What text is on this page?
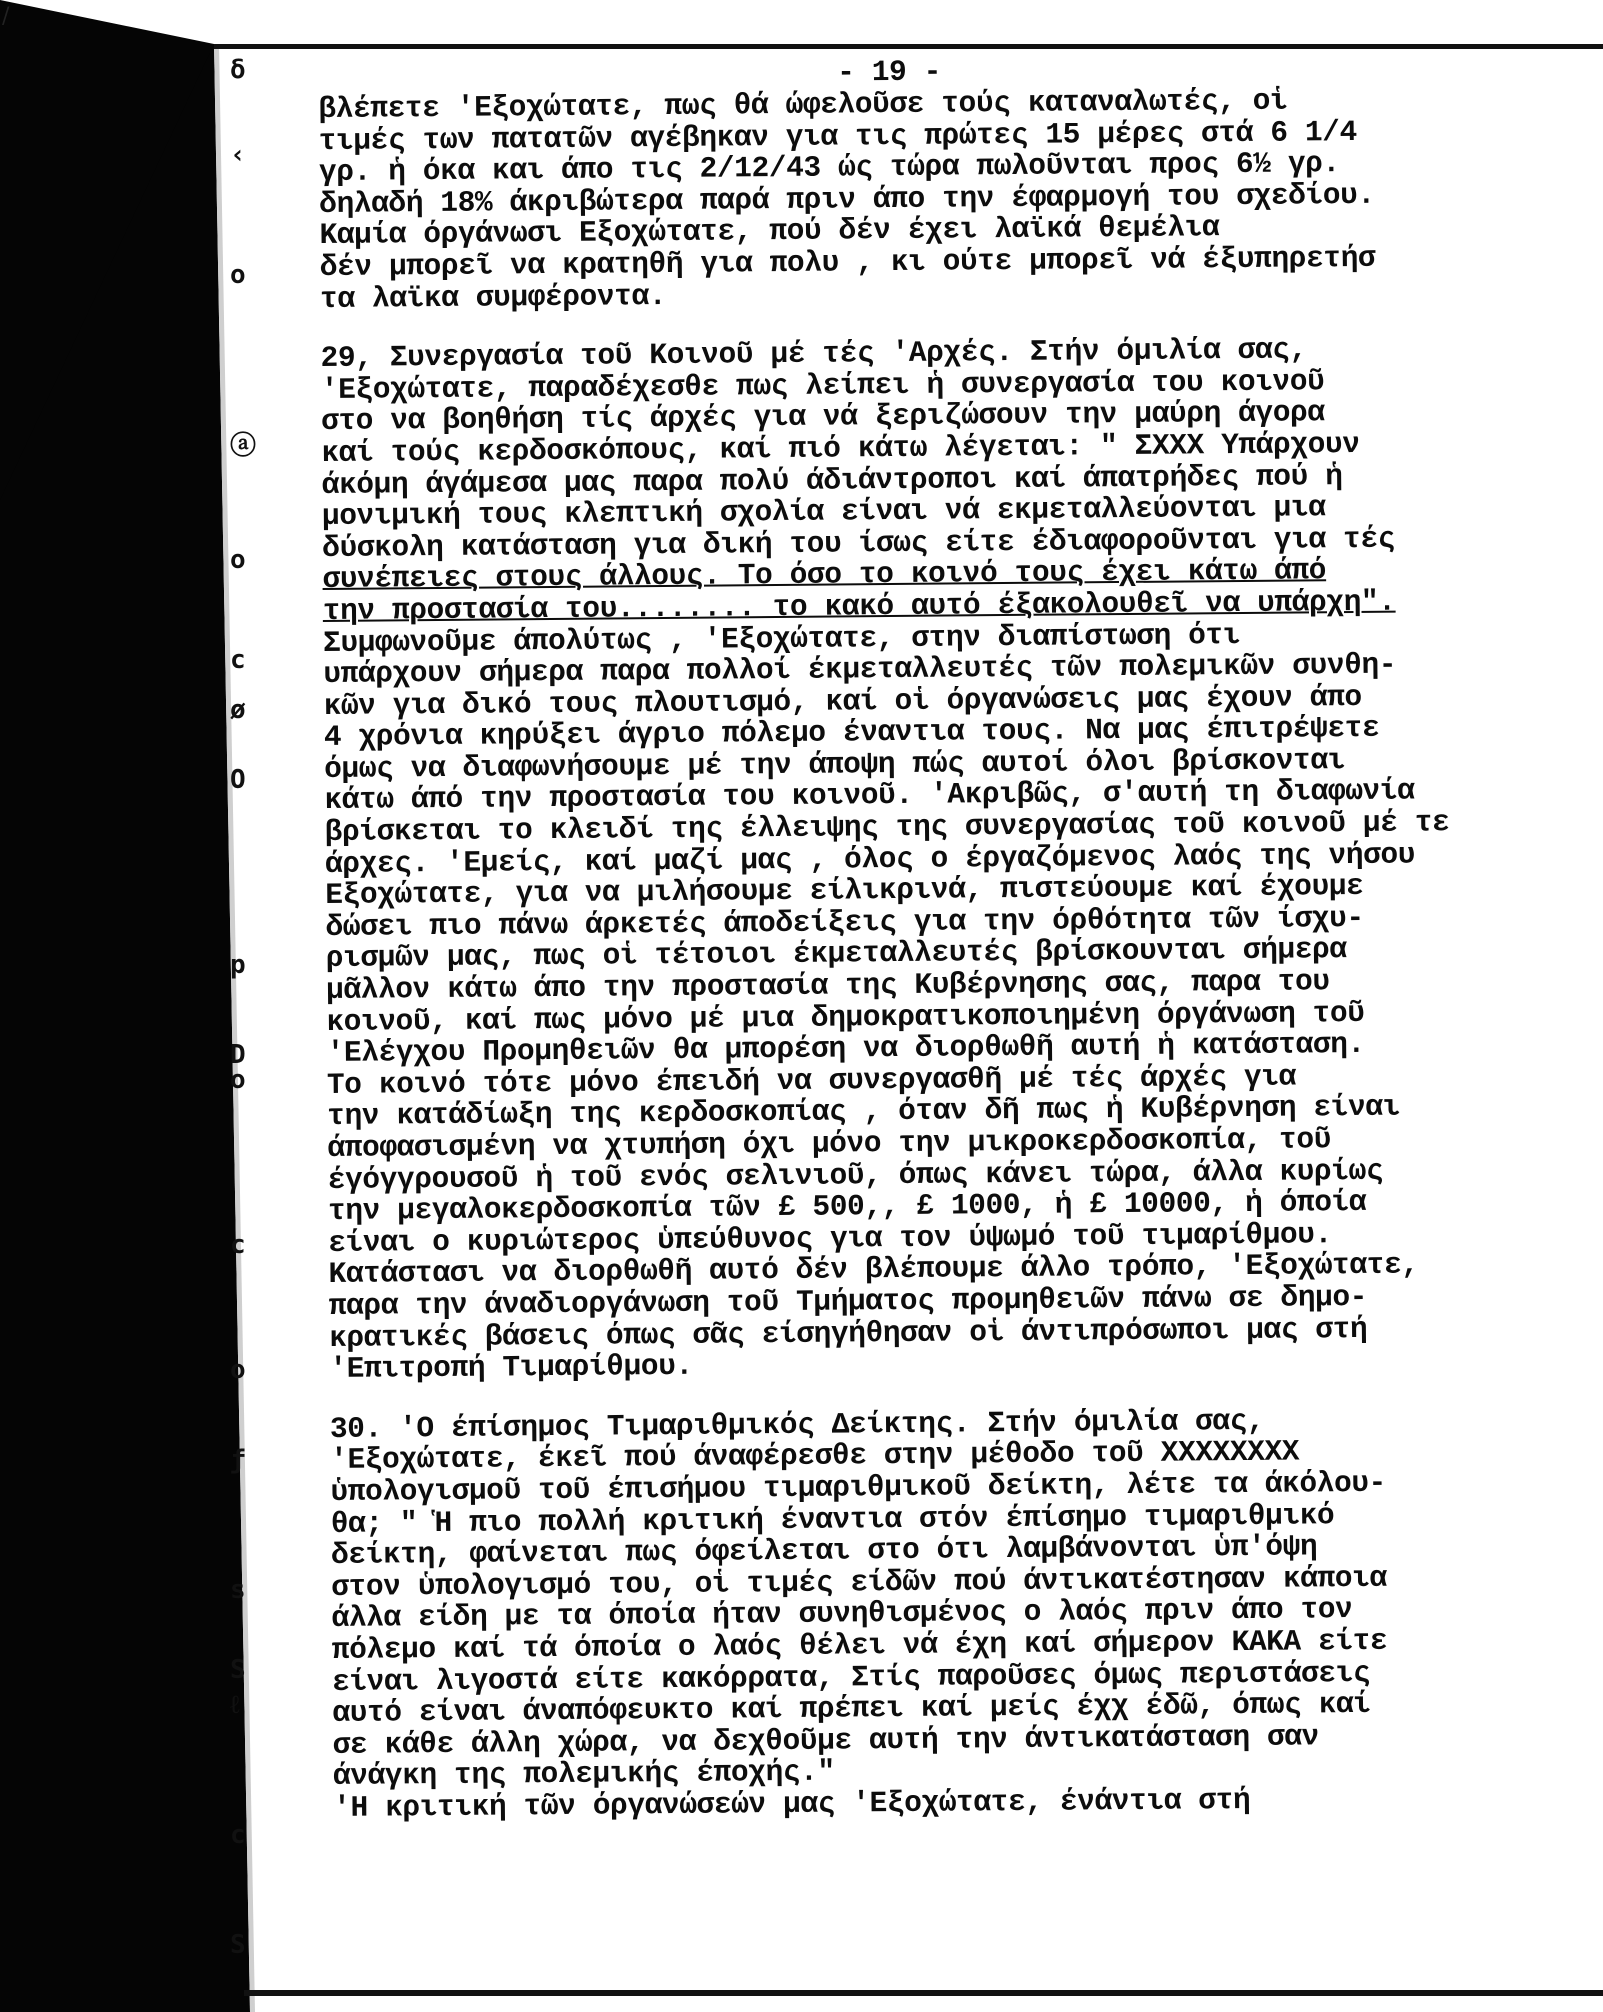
/
δ
‹
o
ⓐ
o
c
ø
O
p
D
o
c
o
ƒ
s
S
ℓ
c
S
- 19 -
βλέπετε 'Εξοχώτατε, πως θά ώφελοῦσε τούς καταναλωτές, οἱ
τιμές των πατατῶν αγέβηκαν για τις πρώτες 15 μέρες στά 6 1/4
γρ. ἡ όκα και άπο τις 2/12/43 ώς τώρα πωλοῦνται προς 6½ γρ.
δηλαδή 18% άκριβώτερα παρά πριν άπο την έφαρμογή του σχεδίου.
Καμία όργάνωσι Εξοχώτατε, πού δέν έχει λαϊκά θεμέλια
δέν μπορεῖ να κρατηθῆ για πολυ , κι ούτε μπορεῖ νά έξυπηρετήσ
τα λαϊκα συμφέροντα.
29, Συνεργασία τοῦ Κοινοῦ μέ τές 'Αρχές. Στήν όμιλία σας,
'Εξοχώτατε, παραδέχεσθε πως λείπει ἡ συνεργασία του κοινοῦ
στο να βοηθήση τίς άρχές για νά ξεριζώσουν την μαύρη άγορα
καί τούς κερδοσκόπους, καί πιό κάτω λέγεται: " ΣΧΧΧ Υπάρχουν
άκόμη άγάμεσα μας παρα πολύ άδιάντροποι καί άπατρήδες πού ἡ
μονιμική τους κλεπτική σχολία είναι νά εκμεταλλεύονται μια
δύσκολη κατάσταση για δική του ίσως είτε έδιαφοροῦνται για τές
συνέπειες στους άλλους. Το όσο το κοινό τους έχει κάτω άπό
την προστασία του........ το κακό αυτό έξακολουθεῖ να υπάρχη".
Συμφωνοῦμε άπολύτως , 'Εξοχώτατε, στην διαπίστωση ότι
υπάρχουν σήμερα παρα πολλοί έκμεταλλευτές τῶν πολεμικῶν συνθη-
κῶν για δικό τους πλουτισμό, καί οἱ όργανώσεις μας έχουν άπο
4 χρόνια κηρύξει άγριο πόλεμο έναντια τους. Να μας έπιτρέψετε
όμως να διαφωνήσουμε μέ την άποψη πώς αυτοί όλοι βρίσκονται
κάτω άπό την προστασία του κοινοῦ. 'Ακριβῶς, σ'αυτή τη διαφωνία
βρίσκεται το κλειδί της έλλειψης της συνεργασίας τοῦ κοινοῦ μέ τε
άρχες. 'Εμείς, καί μαζί μας , όλος ο έργαζόμενος λαός της νήσου
Εξοχώτατε, για να μιλήσουμε είλικρινά, πιστεύουμε καί έχουμε
δώσει πιο πάνω άρκετές άποδείξεις για την όρθότητα τῶν ίσχυ-
ρισμῶν μας, πως οἱ τέτοιοι έκμεταλλευτές βρίσκουνται σήμερα
μᾶλλον κάτω άπο την προστασία της Κυβέρνησης σας, παρα του
κοινοῦ, καί πως μόνο μέ μια δημοκρατικοποιημένη όργάνωση τοῦ
'Ελέγχου Προμηθειῶν θα μπορέση να διορθωθῆ αυτή ἡ κατάσταση.
Το κοινό τότε μόνο έπειδή να συνεργασθῆ μέ τές άρχές για
την κατάδίωξη της κερδοσκοπίας , όταν δῆ πως ἡ Κυβέρνηση είναι
άποφασισμένη να χτυπήση όχι μόνο την μικροκερδοσκοπία, τοῦ
έγόγγρουσοῦ ἡ τοῦ ενός σελινιοῦ, όπως κάνει τώρα, άλλα κυρίως
την μεγαλοκερδοσκοπία τῶν £ 500,, £ 1000, ἡ £ 10000, ἡ όποία
είναι ο κυριώτερος ὑπεύθυνος για τον ύψωμό τοῦ τιμαρίθμου.
Κατάστασι να διορθωθῆ αυτό δέν βλέπουμε άλλο τρόπο, 'Εξοχώτατε,
παρα την άναδιοργάνωση τοῦ Τμήματος προμηθειῶν πάνω σε δημο-
κρατικές βάσεις όπως σᾶς είσηγήθησαν οἱ άντιπρόσωποι μας στή
'Επιτροπή Τιμαρίθμου.
30. 'Ο έπίσημος Τιμαριθμικός Δείκτης. Στήν όμιλία σας,
'Εξοχώτατε, έκεῖ πού άναφέρεσθε στην μέθοδο τοῦ ΧΧΧΧΧΧΧΧ
ὑπολογισμοῦ τοῦ έπισήμου τιμαριθμικοῦ δείκτη, λέτε τα άκόλου-
θα; " Ἡ πιο πολλή κριτική έναντια στόν έπίσημο τιμαριθμικό
δείκτη, φαίνεται πως όφείλεται στο ότι λαμβάνονται ὑπ'όψη
στον ὑπολογισμό του, οἱ τιμές είδῶν πού άντικατέστησαν κάποια
άλλα είδη με τα όποία ήταν συνηθισμένος ο λαός πριν άπο τον
πόλεμο καί τά όποία ο λαός θέλει νά έχη καί σήμερον ΚΑΚΑ είτε
είναι λιγοστά είτε κακόρρατα, Στίς παροῦσες όμως περιστάσεις
αυτό είναι άναπόφευκτο καί πρέπει καί μείς έχχ έδῶ, όπως καί
σε κάθε άλλη χώρα, να δεχθοῦμε αυτή την άντικατάσταση σαν
άνάγκη της πολεμικής έποχής."
'Η κριτική τῶν όργανώσεών μας 'Εξοχώτατε, ένάντια στή
